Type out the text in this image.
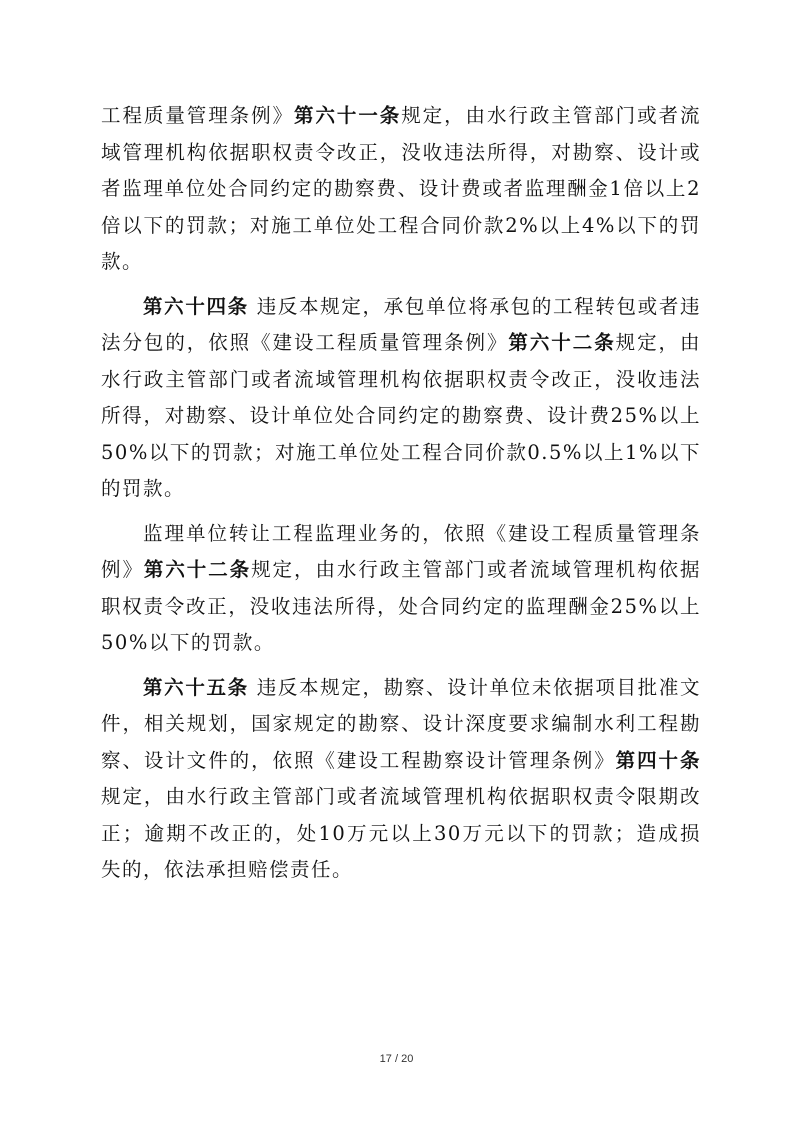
工程质量管理条例》第六十一条规定，由水行政主管部门或者流域管理机构依据职权责令改正，没收违法所得，对勘察、设计或者监理单位处合同约定的勘察费、设计费或者监理酬金1倍以上2倍以下的罚款；对施工单位处工程合同价款2%以上4%以下的罚款。

第六十四条 违反本规定，承包单位将承包的工程转包或者违法分包的，依照《建设工程质量管理条例》第六十二条规定，由水行政主管部门或者流域管理机构依据职权责令改正，没收违法所得，对勘察、设计单位处合同约定的勘察费、设计费25%以上50%以下的罚款；对施工单位处工程合同价款0.5%以上1%以下的罚款。

监理单位转让工程监理业务的，依照《建设工程质量管理条例》第六十二条规定，由水行政主管部门或者流域管理机构依据职权责令改正，没收违法所得，处合同约定的监理酬金25%以上50%以下的罚款。

第六十五条 违反本规定，勘察、设计单位未依据项目批准文件，相关规划，国家规定的勘察、设计深度要求编制水利工程勘察、设计文件的，依照《建设工程勘察设计管理条例》第四十条规定，由水行政主管部门或者流域管理机构依据职权责令限期改正；逾期不改正的，处10万元以上30万元以下的罚款；造成损失的，依法承担赔偿责任。

17 / 20
